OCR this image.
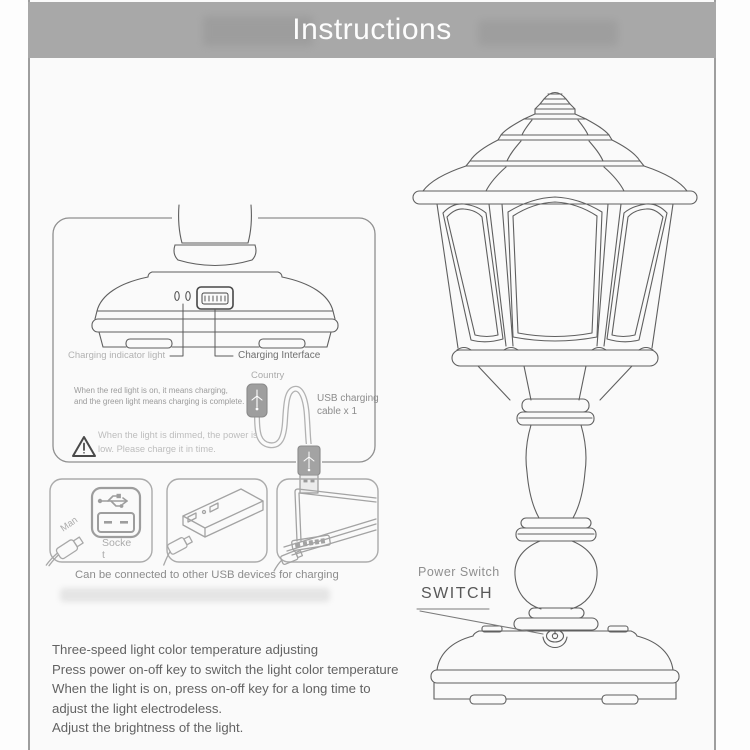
Instructions
Charging indicator light	Charging Interface
When the red light is on, it means charging,
and the green light means charging is complete.
When the light is dimmed, the power is low. Please charge it in time.
Country
USB charging cable x 1
Man
Socket
Can be connected to other USB devices for charging	Power Switch
SWITCH
Three-speed light color temperature adjusting
Press power on-off key to switch the light color temperature
When the light is on, press on-off key for a long time to
adjust the light electrodeless.
Adjust the brightness of the light.
